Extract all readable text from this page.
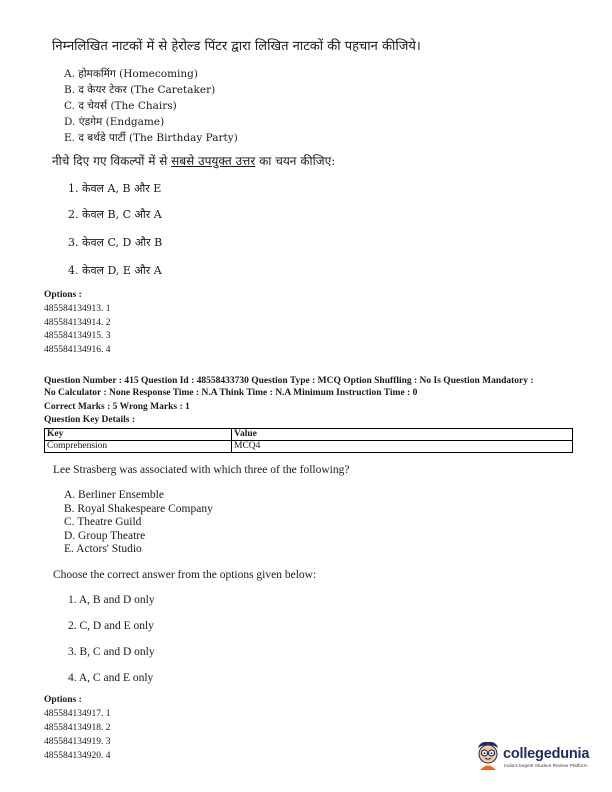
निम्नलिखित नाटकों में से हेरोल्ड पिंटर द्वारा लिखित नाटकों की पहचान कीजिये।
A. होमकमिंग (Homecoming)
B. द केयर टेकर (The Caretaker)
C. द चेयर्स (The Chairs)
D. एंडगेम (Endgame)
E. द बर्थडे पार्टी (The Birthday Party)
नीचे दिए गए विकल्पों में से सबसे उपयुक्त उत्तर का चयन कीजिए:
1. केवल A, B और E
2. केवल B, C और A
3. केवल C, D और B
4. केवल D, E और A
Options :
485584134913. 1
485584134914. 2
485584134915. 3
485584134916. 4
Question Number : 415 Question Id : 48558433730 Question Type : MCQ Option Shuffling : No Is Question Mandatory :
No Calculator : None Response Time : N.A Think Time : N.A Minimum Instruction Time : 0
Correct Marks : 5 Wrong Marks : 1
Question Key Details :
Key	Value
Comprehension	MCQ4
Lee Strasberg was associated with which three of the following?
A. Berliner Ensemble
B. Royal Shakespeare Company
C. Theatre Guild
D. Group Theatre
E. Actors' Studio
Choose the correct answer from the options given below:
1. A, B and D only
2. C, D and E only
3. B, C and D only
4. A, C and E only
Options :
485584134917. 1
485584134918. 2
485584134919. 3
485584134920. 4	collegedunia
India's largest Student Review Platform
